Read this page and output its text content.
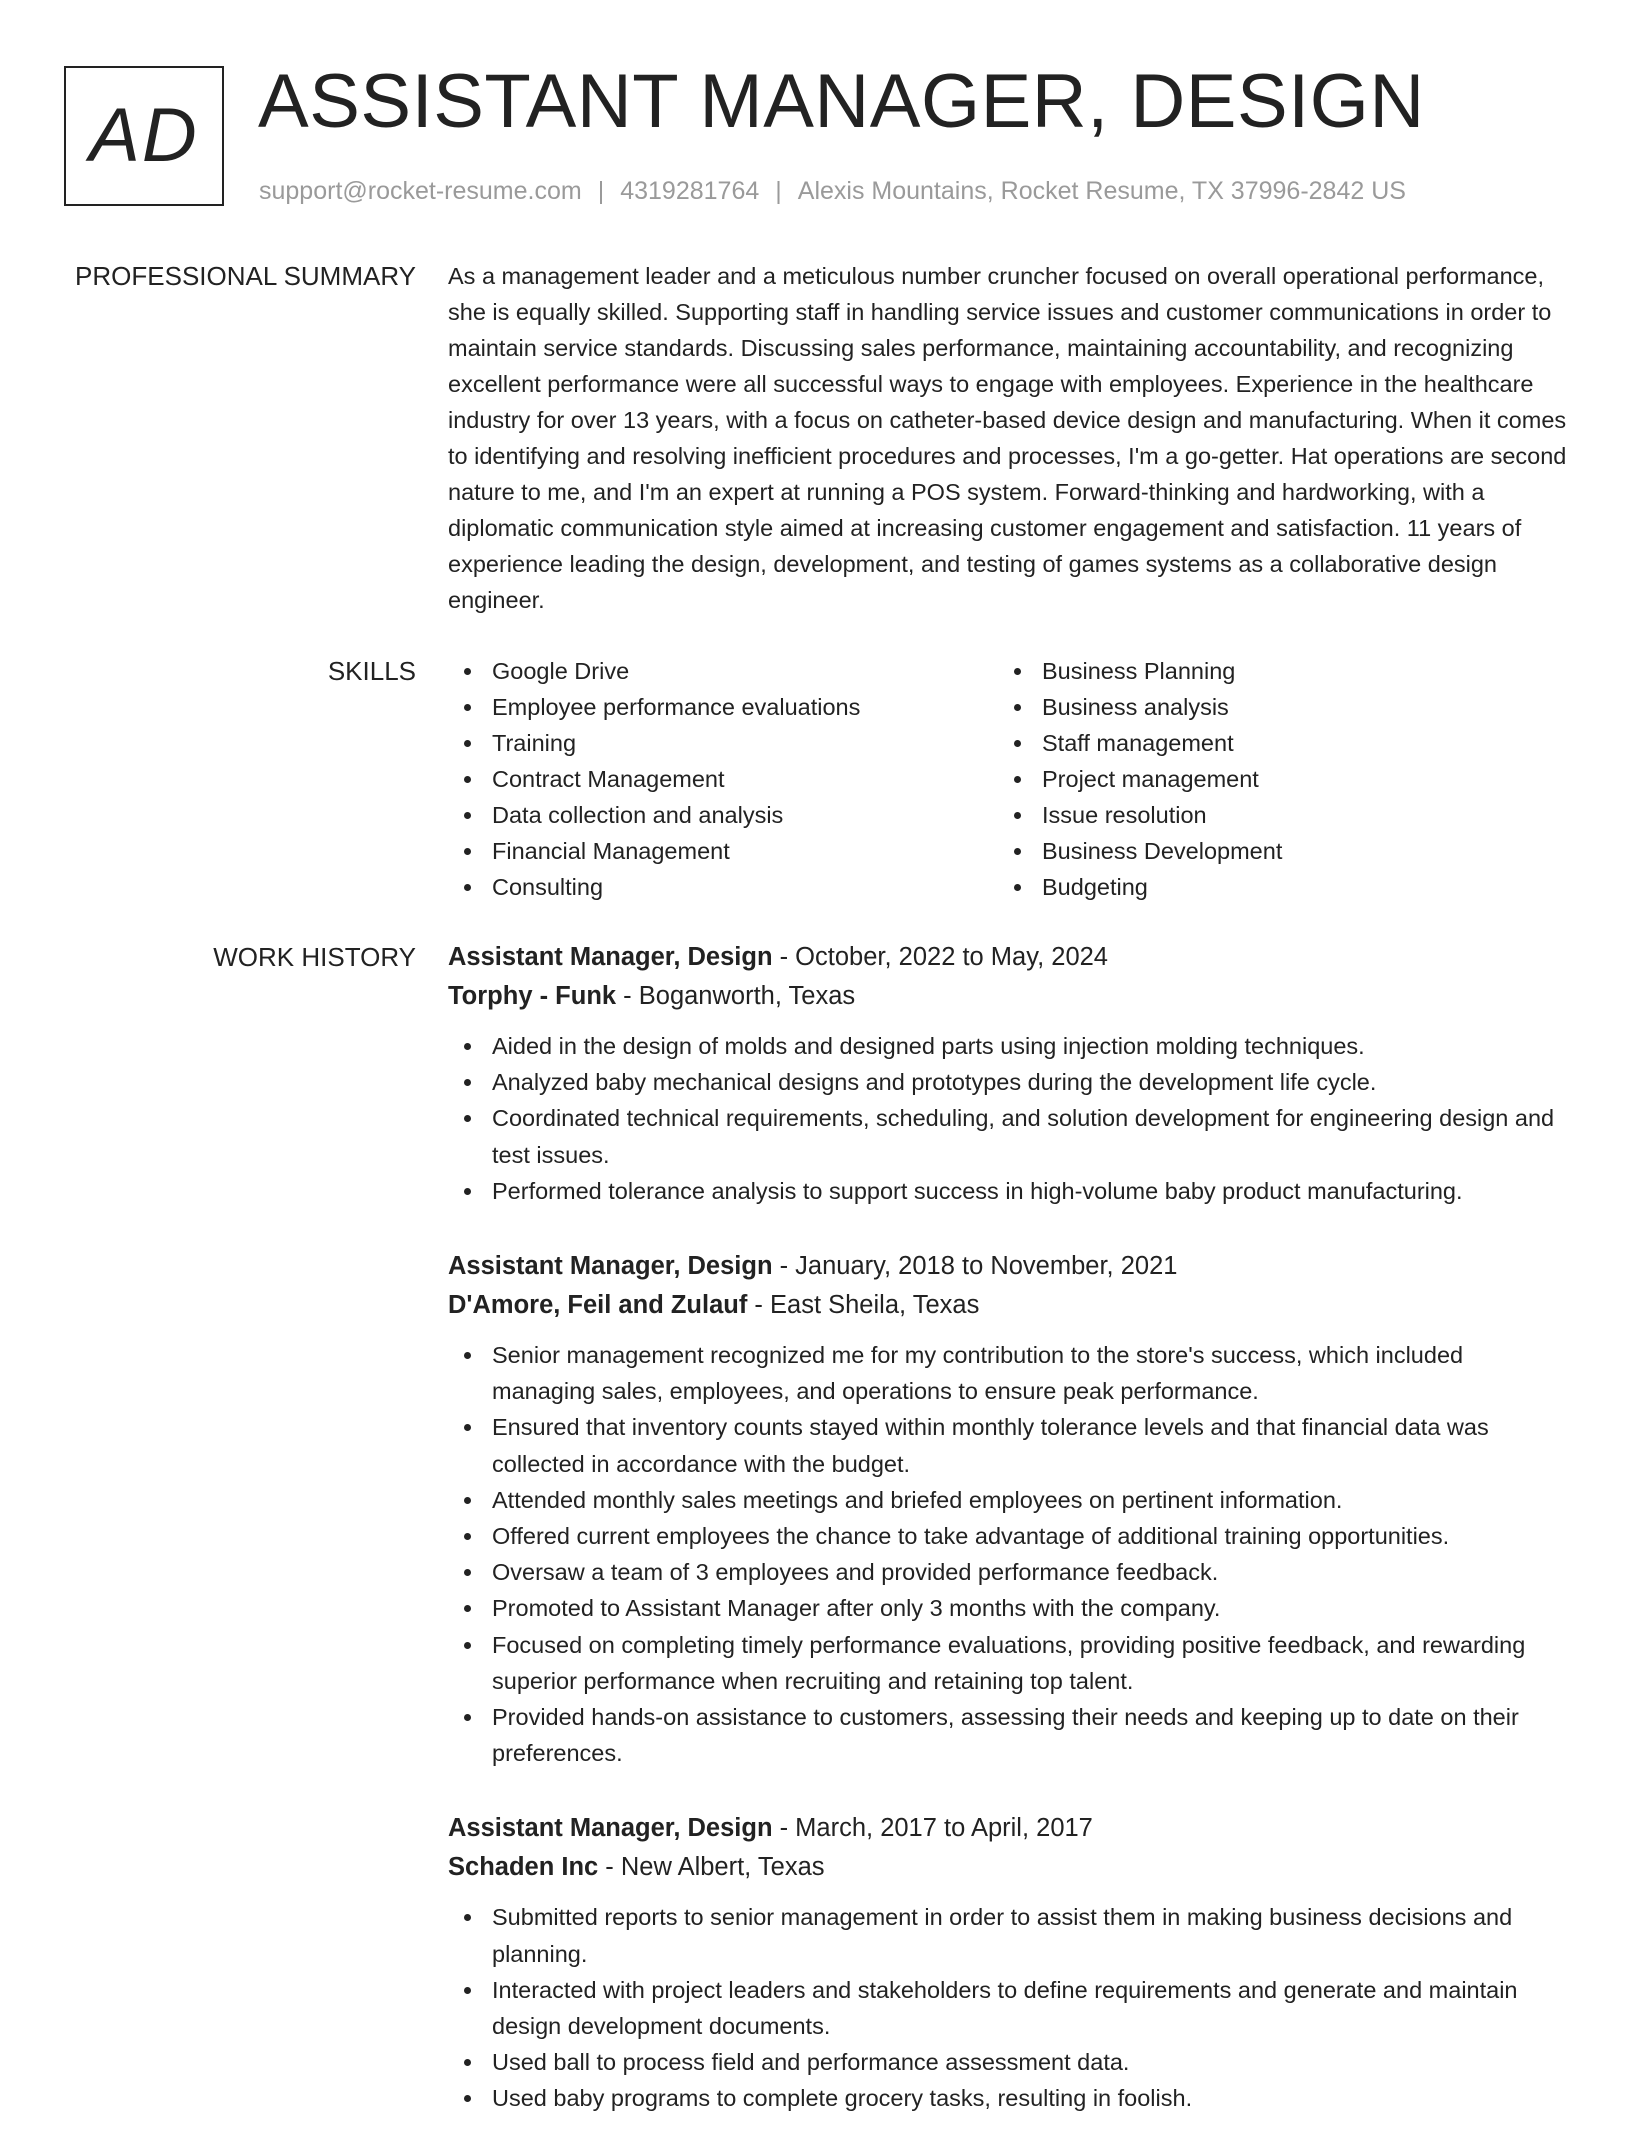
AD ASSISTANT MANAGER, DESIGN
support@rocket-resume.com | 4319281764 | Alexis Mountains, Rocket Resume, TX 37996-2842 US
PROFESSIONAL SUMMARY As a management leader and a meticulous number cruncher focused on overall operational performance, she is equally skilled. Supporting staff in handling service issues and customer communications in order to maintain service standards. Discussing sales performance, maintaining accountability, and recognizing excellent performance were all successful ways to engage with employees. Experience in the healthcare industry for over 13 years, with a focus on catheter-based device design and manufacturing. When it comes to identifying and resolving inefficient procedures and processes, I'm a go-getter. Hat operations are second nature to me, and I'm an expert at running a POS system. Forward-thinking and hardworking, with a diplomatic communication style aimed at increasing customer engagement and satisfaction. 11 years of experience leading the design, development, and testing of games systems as a collaborative design engineer.

SKILLS	Google Drive
Employee performance evaluations
Training
Contract Management
Data collection and analysis
Financial Management
Consulting
Business Planning
Business analysis
Staff management
Project management
Issue resolution
Business Development
Budgeting
WORK HISTORY Assistant Manager, Design - October, 2022 to May, 2024
Torphy - Funk - Boganworth, Texas
Aided in the design of molds and designed parts using injection molding techniques.
Analyzed baby mechanical designs and prototypes during the development life cycle.
Coordinated technical requirements, scheduling, and solution development for engineering design and test issues.
Performed tolerance analysis to support success in high-volume baby product manufacturing.
Assistant Manager, Design - January, 2018 to November, 2021
D'Amore, Feil and Zulauf - East Sheila, Texas
Senior management recognized me for my contribution to the store's success, which included managing sales, employees, and operations to ensure peak performance.
Ensured that inventory counts stayed within monthly tolerance levels and that financial data was collected in accordance with the budget.
Attended monthly sales meetings and briefed employees on pertinent information.
Offered current employees the chance to take advantage of additional training opportunities.
Oversaw a team of 3 employees and provided performance feedback.
Promoted to Assistant Manager after only 3 months with the company.
Focused on completing timely performance evaluations, providing positive feedback, and rewarding superior performance when recruiting and retaining top talent.
Provided hands-on assistance to customers, assessing their needs and keeping up to date on their preferences.
Assistant Manager, Design - March, 2017 to April, 2017
Schaden Inc - New Albert, Texas
Submitted reports to senior management in order to assist them in making business decisions and planning.
Interacted with project leaders and stakeholders to define requirements and generate and maintain design development documents.
Used ball to process field and performance assessment data.
Used baby programs to complete grocery tasks, resulting in foolish.
